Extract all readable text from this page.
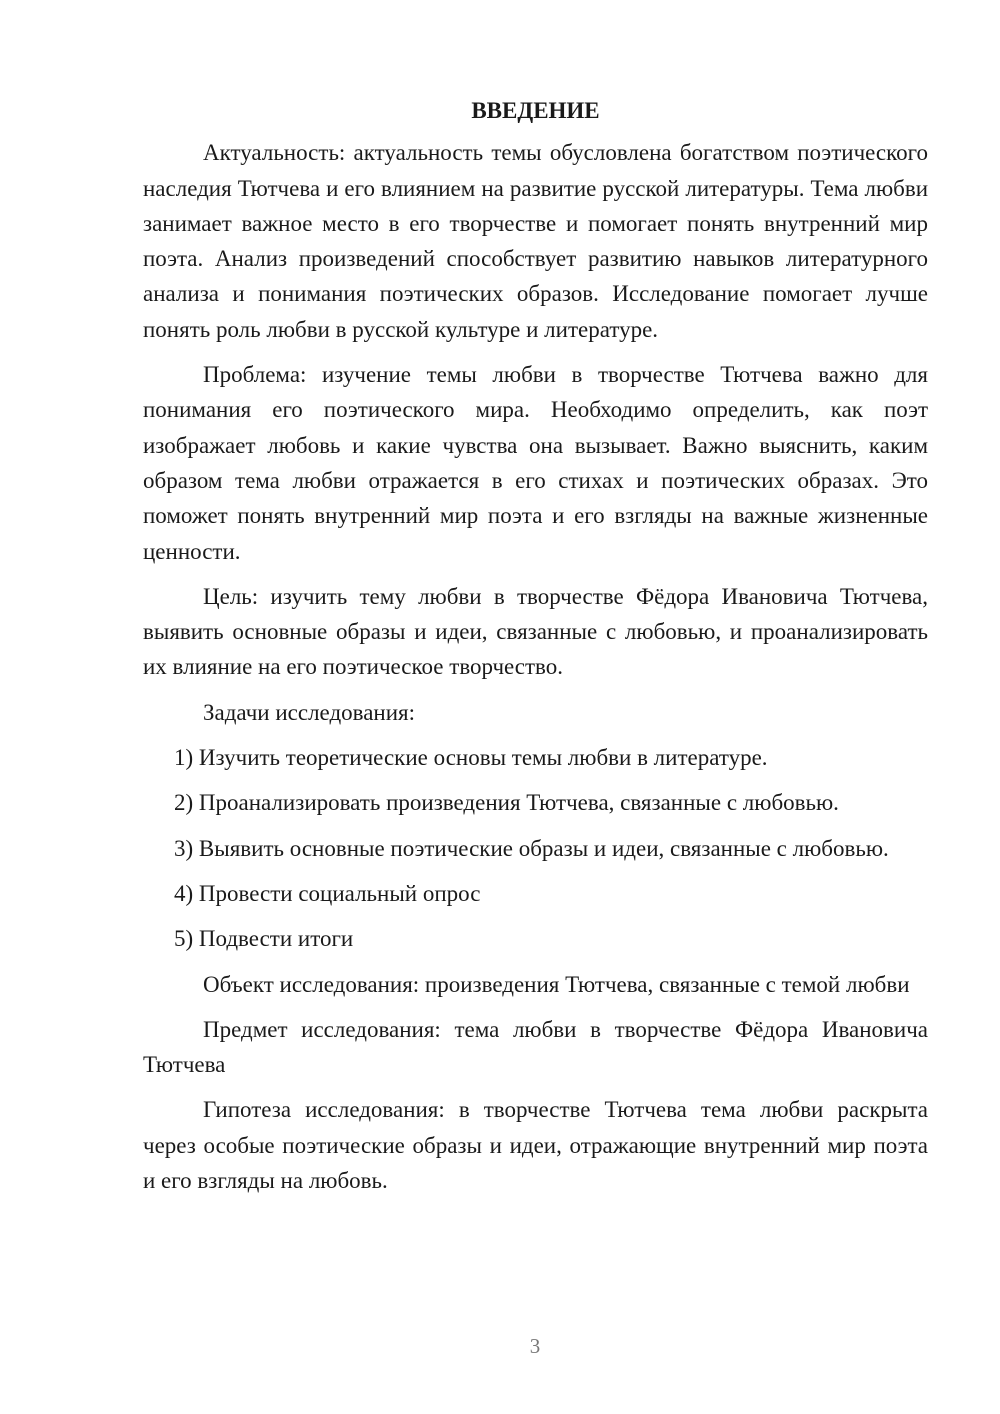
ВВЕДЕНИЕ

Актуальность: актуальность темы обусловлена богатством поэтического наследия Тютчева и его влиянием на развитие русской литературы. Тема любви занимает важное место в его творчестве и помогает понять внутренний мир поэта. Анализ произведений способствует развитию навыков литературного анализа и понимания поэтических образов. Исследование помогает лучше понять роль любви в русской культуре и литературе.

Проблема: изучение темы любви в творчестве Тютчева важно для понимания его поэтического мира. Необходимо определить, как поэт изображает любовь и какие чувства она вызывает. Важно выяснить, каким образом тема любви отражается в его стихах и поэтических образах. Это поможет понять внутренний мир поэта и его взгляды на важные жизненные ценности.

Цель: изучить тему любви в творчестве Фёдора Ивановича Тютчева, выявить основные образы и идеи, связанные с любовью, и проанализировать их влияние на его поэтическое творчество.

Задачи исследования:

1) Изучить теоретические основы темы любви в литературе.

2) Проанализировать произведения Тютчева, связанные с любовью.

3) Выявить основные поэтические образы и идеи, связанные с любовью.

4) Провести социальный опрос

5) Подвести итоги

Объект исследования: произведения Тютчева, связанные с темой любви

Предмет исследования: тема любви в творчестве Фёдора Ивановича Тютчева

Гипотеза исследования: в творчестве Тютчева тема любви раскрыта через особые поэтические образы и идеи, отражающие внутренний мир поэта и его взгляды на любовь.

3
